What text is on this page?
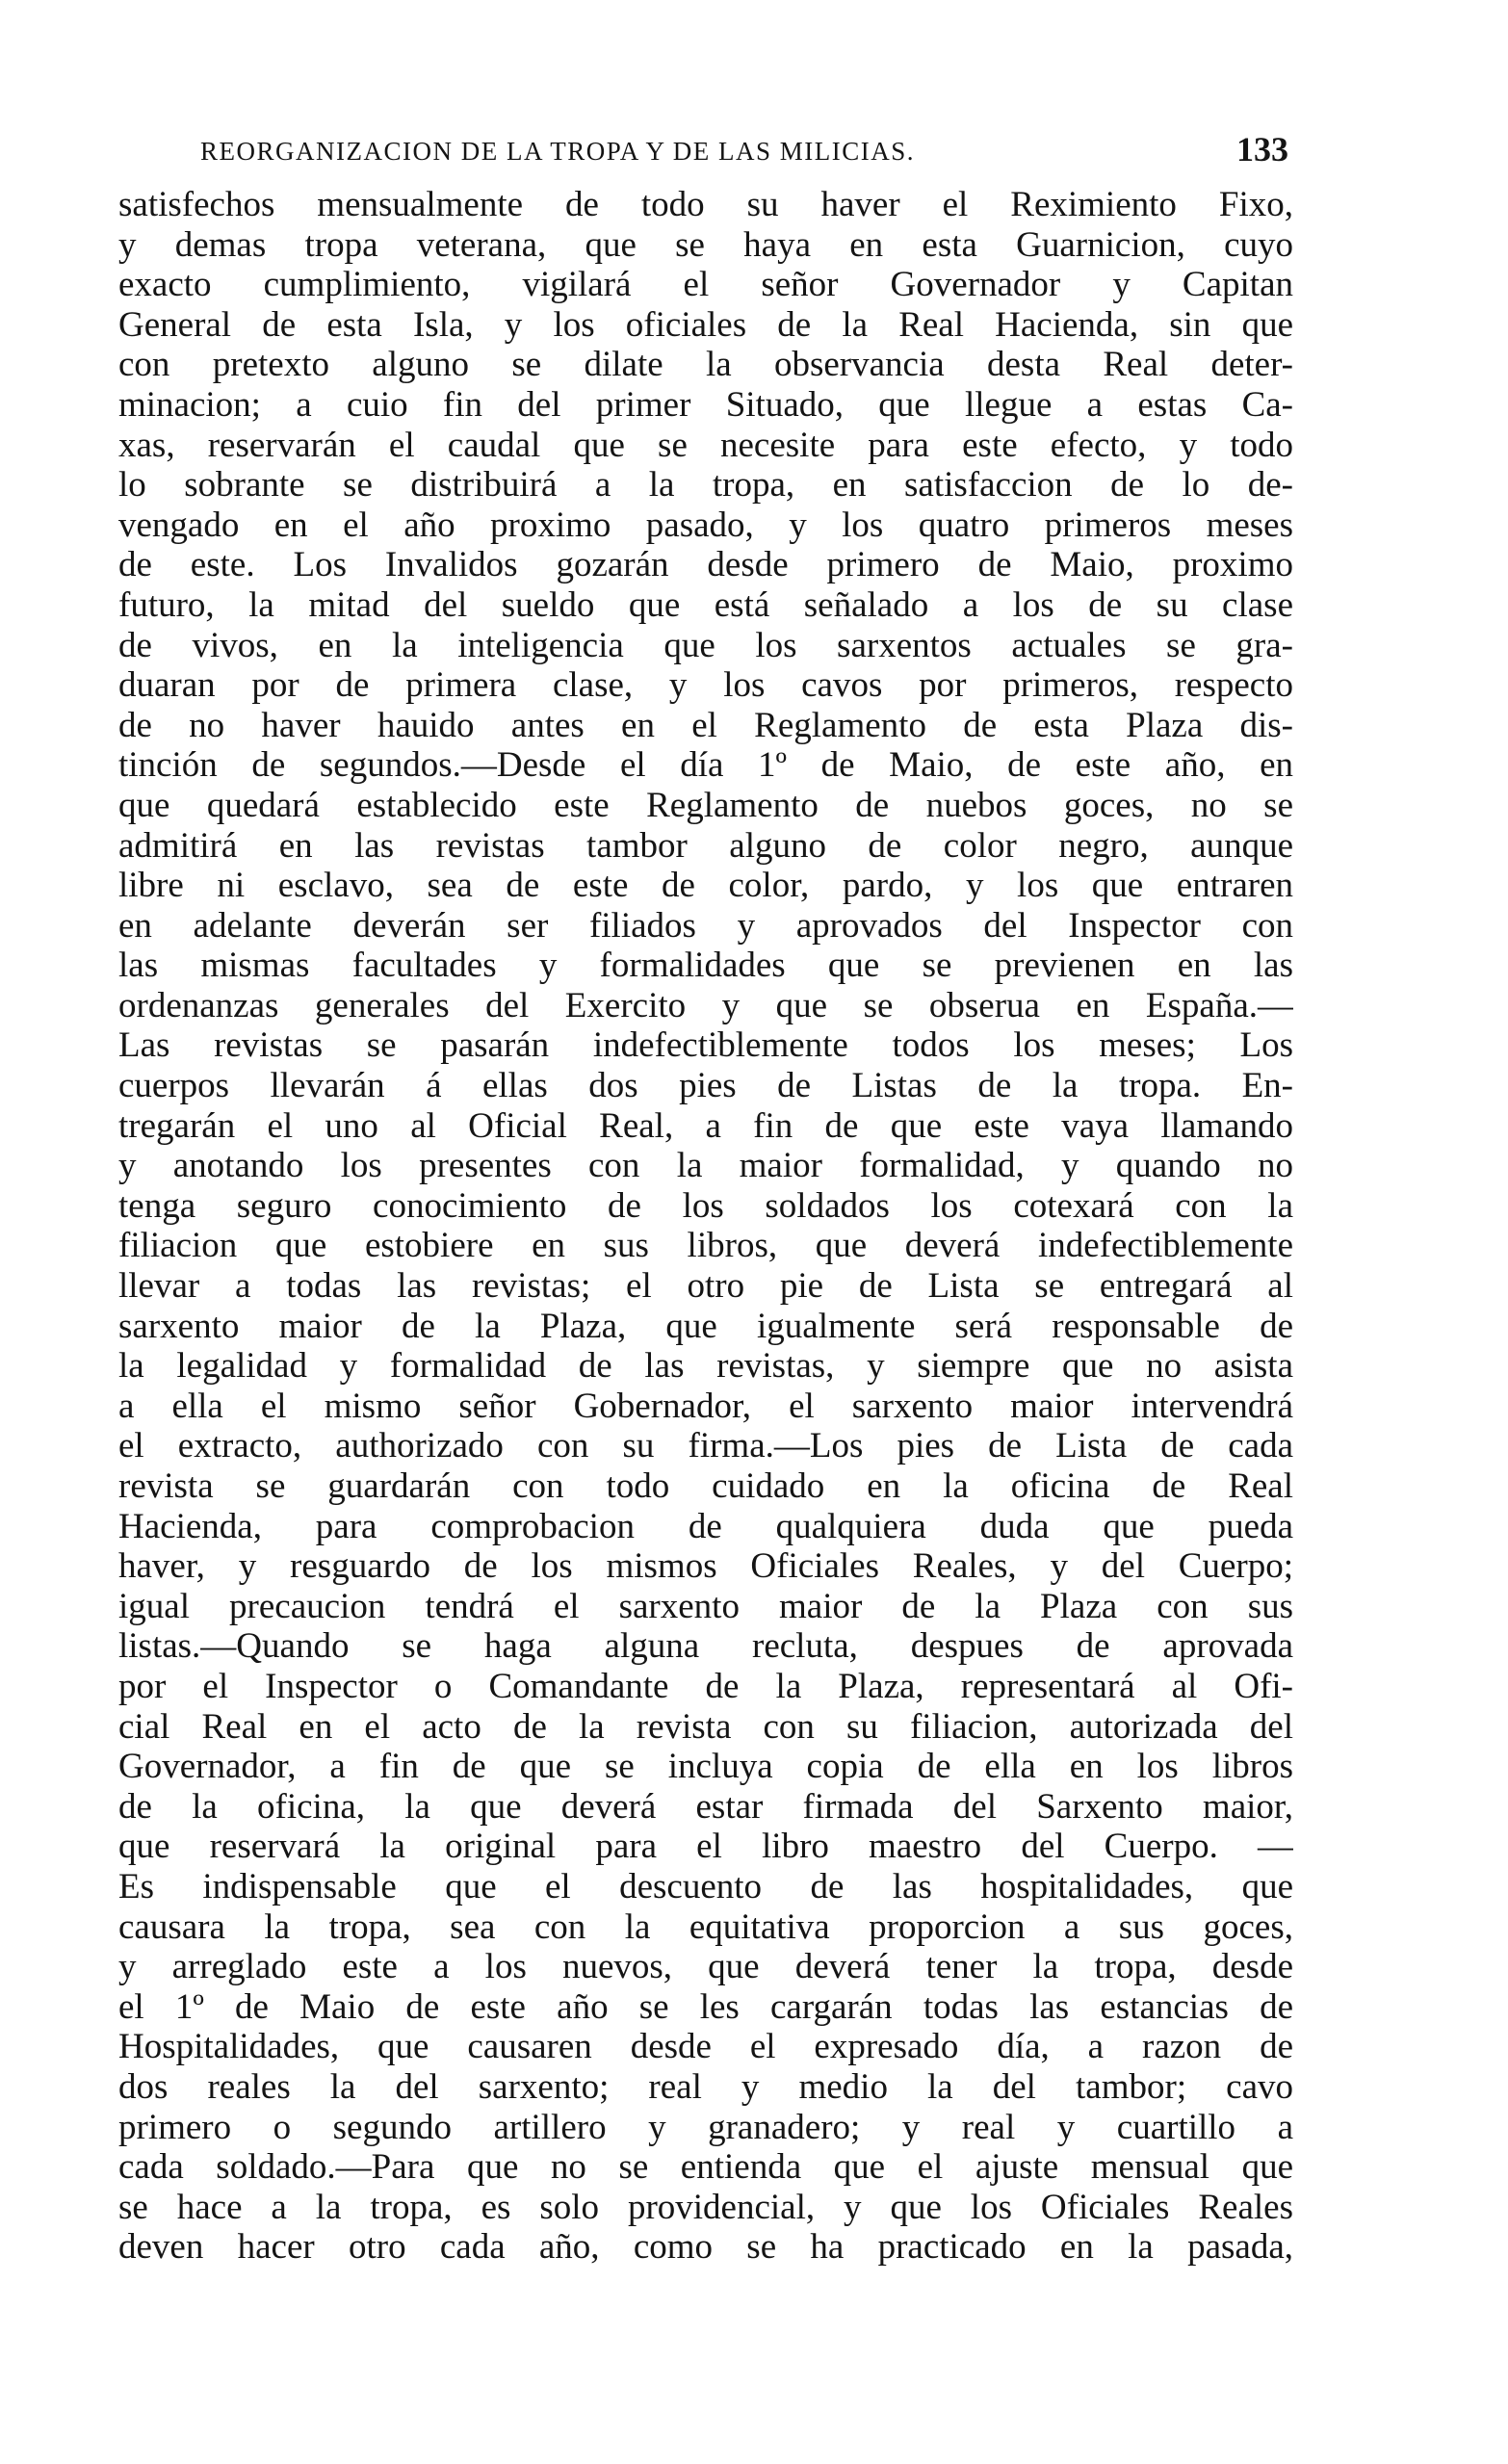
REORGANIZACION DE LA TROPA Y DE LAS MILICIAS.	133
satisfechos mensualmente de todo su haver el Reximiento Fixo,
y demas tropa veterana, que se haya en esta Guarnicion, cuyo
exacto cumplimiento, vigilará el señor Governador y Capitan
General de esta Isla, y los oficiales de la Real Hacienda, sin que
con pretexto alguno se dilate la observancia desta Real deter-
minacion; a cuio fin del primer Situado, que llegue a estas Ca-
xas, reservarán el caudal que se necesite para este efecto, y todo
lo sobrante se distribuirá a la tropa, en satisfaccion de lo de-
vengado en el año proximo pasado, y los quatro primeros meses
de este. Los Invalidos gozarán desde primero de Maio, proximo
futuro, la mitad del sueldo que está señalado a los de su clase
de vivos, en la inteligencia que los sarxentos actuales se gra-
duaran por de primera clase, y los cavos por primeros, respecto
de no haver hauido antes en el Reglamento de esta Plaza dis-
tinción de segundos.—Desde el día 1º de Maio, de este año, en
que quedará establecido este Reglamento de nuebos goces, no se
admitirá en las revistas tambor alguno de color negro, aunque
libre ni esclavo, sea de este de color, pardo, y los que entraren
en adelante deverán ser filiados y aprovados del Inspector con
las mismas facultades y formalidades que se previenen en las
ordenanzas generales del Exercito y que se obserua en España.—
Las revistas se pasarán indefectiblemente todos los meses; Los
cuerpos llevarán á ellas dos pies de Listas de la tropa. En-
tregarán el uno al Oficial Real, a fin de que este vaya llamando
y anotando los presentes con la maior formalidad, y quando no
tenga seguro conocimiento de los soldados los cotexará con la
filiacion que estobiere en sus libros, que deverá indefectiblemente
llevar a todas las revistas; el otro pie de Lista se entregará al
sarxento maior de la Plaza, que igualmente será responsable de
la legalidad y formalidad de las revistas, y siempre que no asista
a ella el mismo señor Gobernador, el sarxento maior intervendrá
el extracto, authorizado con su firma.—Los pies de Lista de cada
revista se guardarán con todo cuidado en la oficina de Real
Hacienda, para comprobacion de qualquiera duda que pueda
haver, y resguardo de los mismos Oficiales Reales, y del Cuerpo;
igual precaucion tendrá el sarxento maior de la Plaza con sus
listas.—Quando se haga alguna recluta, despues de aprovada
por el Inspector o Comandante de la Plaza, representará al Ofi-
cial Real en el acto de la revista con su filiacion, autorizada del
Governador, a fin de que se incluya copia de ella en los libros
de la oficina, la que deverá estar firmada del Sarxento maior,
que reservará la original para el libro maestro del Cuerpo. —
Es indispensable que el descuento de las hospitalidades, que
causara la tropa, sea con la equitativa proporcion a sus goces,
y arreglado este a los nuevos, que deverá tener la tropa, desde
el 1º de Maio de este año se les cargarán todas las estancias de
Hospitalidades, que causaren desde el expresado día, a razon de
dos reales la del sarxento; real y medio la del tambor; cavo
primero o segundo artillero y granadero; y real y cuartillo a
cada soldado.—Para que no se entienda que el ajuste mensual que
se hace a la tropa, es solo providencial, y que los Oficiales Reales
deven hacer otro cada año, como se ha practicado en la pasada,
